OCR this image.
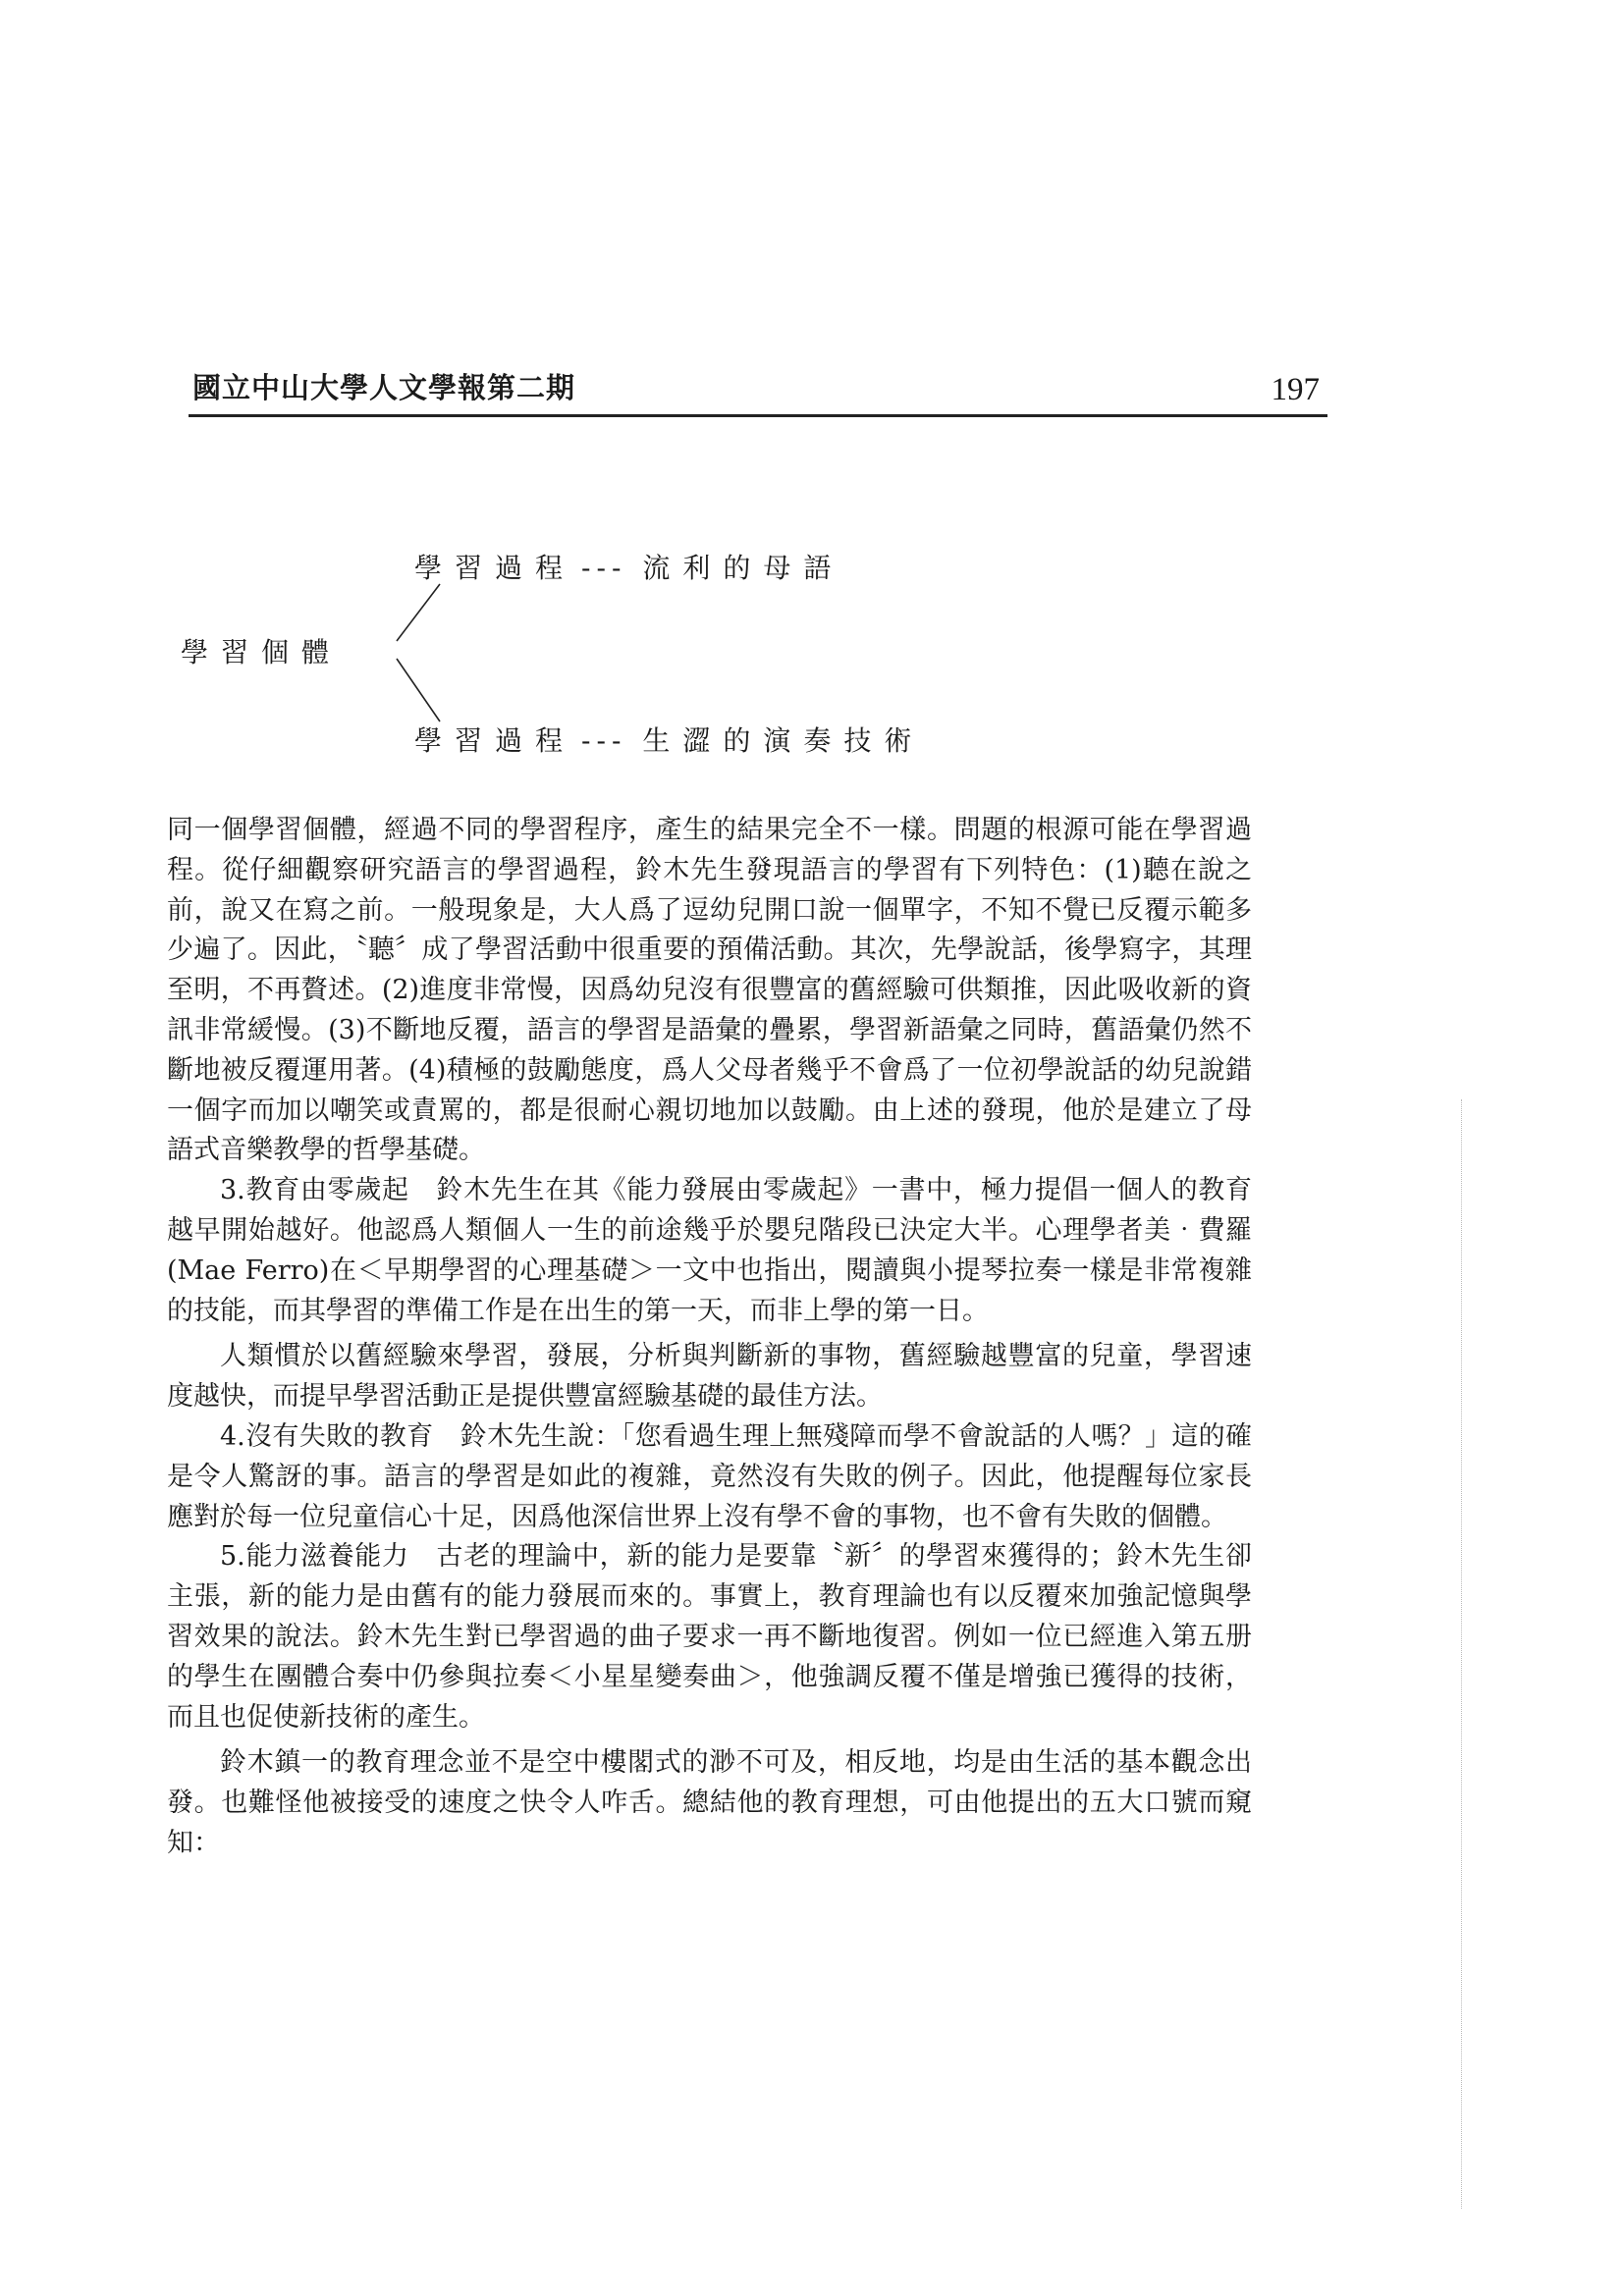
國立中山大學人文學報第二期	197
學習個體
學習過程 --- 流利的母語
學習過程 --- 生澀的演奏技術

同一個學習個體，經過不同的學習程序，產生的結果完全不一樣。問題的根源可能在學習過程。從仔細觀察研究語言的學習過程，鈴木先生發現語言的學習有下列特色：(1)聽在說之前，說又在寫之前。一般現象是，大人爲了逗幼兒開口說一個單字，不知不覺已反覆示範多少遍了。因此，〝聽〞成了學習活動中很重要的預備活動。其次，先學說話，後學寫字，其理至明，不再贅述。(2)進度非常慢，因爲幼兒沒有很豐富的舊經驗可供類推，因此吸收新的資訊非常緩慢。(3)不斷地反覆，語言的學習是語彙的疊累，學習新語彙之同時，舊語彙仍然不斷地被反覆運用著。(4)積極的鼓勵態度，爲人父母者幾乎不會爲了一位初學說話的幼兒說錯一個字而加以嘲笑或責罵的，都是很耐心親切地加以鼓勵。由上述的發現，他於是建立了母語式音樂教學的哲學基礎。

3.教育由零歲起　鈴木先生在其《能力發展由零歲起》一書中，極力提倡一個人的教育越早開始越好。他認爲人類個人一生的前途幾乎於嬰兒階段已決定大半。心理學者美‧費羅(Mae Ferro)在＜早期學習的心理基礎＞一文中也指出，閱讀與小提琴拉奏一樣是非常複雜的技能，而其學習的準備工作是在出生的第一天，而非上學的第一日。

人類慣於以舊經驗來學習，發展，分析與判斷新的事物，舊經驗越豐富的兒童，學習速度越快，而提早學習活動正是提供豐富經驗基礎的最佳方法。

4.沒有失敗的教育　鈴木先生說：「您看過生理上無殘障而學不會說話的人嗎？」這的確是令人驚訝的事。語言的學習是如此的複雜，竟然沒有失敗的例子。因此，他提醒每位家長應對於每一位兒童信心十足，因爲他深信世界上沒有學不會的事物，也不會有失敗的個體。

5.能力滋養能力　古老的理論中，新的能力是要靠〝新〞的學習來獲得的；鈴木先生卻主張，新的能力是由舊有的能力發展而來的。事實上，教育理論也有以反覆來加強記憶與學習效果的說法。鈴木先生對已學習過的曲子要求一再不斷地復習。例如一位已經進入第五册的學生在團體合奏中仍參與拉奏＜小星星變奏曲＞，他強調反覆不僅是增強已獲得的技術，而且也促使新技術的產生。

鈴木鎮一的教育理念並不是空中樓閣式的渺不可及，相反地，均是由生活的基本觀念出發。也難怪他被接受的速度之快令人咋舌。總結他的教育理想，可由他提出的五大口號而窺知：
